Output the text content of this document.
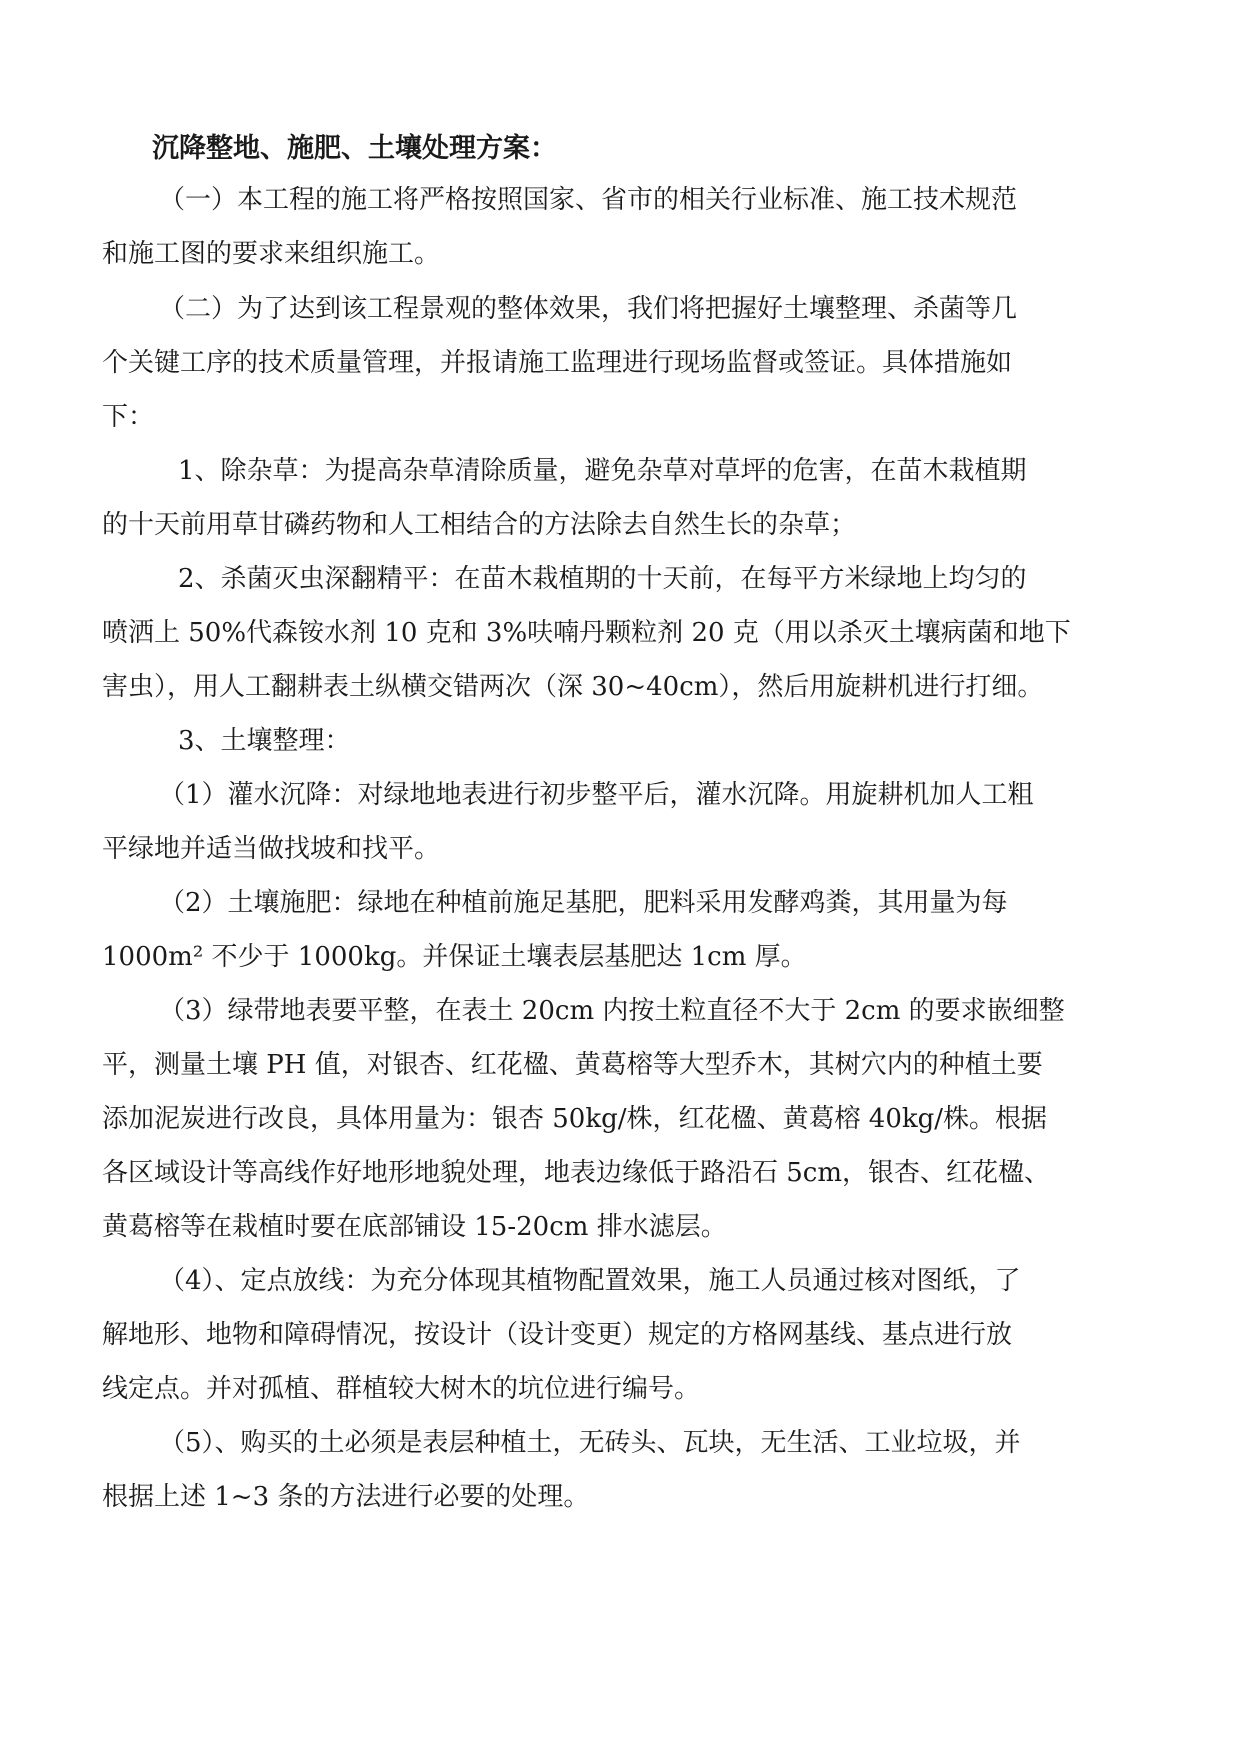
沉降整地、施肥、土壤处理方案：

（一）本工程的施工将严格按照国家、省市的相关行业标准、施工技术规范

和施工图的要求来组织施工。

（二）为了达到该工程景观的整体效果，我们将把握好土壤整理、杀菌等几

个关键工序的技术质量管理，并报请施工监理进行现场监督或签证。具体措施如

下：

1、除杂草：为提高杂草清除质量，避免杂草对草坪的危害，在苗木栽植期

的十天前用草甘磷药物和人工相结合的方法除去自然生长的杂草；

2、杀菌灭虫深翻精平：在苗木栽植期的十天前，在每平方米绿地上均匀的

喷洒上 50%代森铵水剂 10 克和 3%呋喃丹颗粒剂 20 克（用以杀灭土壤病菌和地下

害虫），用人工翻耕表土纵横交错两次（深 30~40cm），然后用旋耕机进行打细。

3、土壤整理：

（1）灌水沉降：对绿地地表进行初步整平后，灌水沉降。用旋耕机加人工粗

平绿地并适当做找坡和找平。

（2）土壤施肥：绿地在种植前施足基肥，肥料采用发酵鸡粪，其用量为每

1000m² 不少于 1000kg。并保证土壤表层基肥达 1cm 厚。

（3）绿带地表要平整，在表土 20cm 内按土粒直径不大于 2cm 的要求嵌细整

平，测量土壤 PH 值，对银杏、红花楹、黄葛榕等大型乔木，其树穴内的种植土要

添加泥炭进行改良，具体用量为：银杏 50kg/株，红花楹、黄葛榕 40kg/株。根据

各区域设计等高线作好地形地貌处理，地表边缘低于路沿石 5cm，银杏、红花楹、

黄葛榕等在栽植时要在底部铺设 15-20cm 排水滤层。

（4）、定点放线：为充分体现其植物配置效果，施工人员通过核对图纸，了

解地形、地物和障碍情况，按设计（设计变更）规定的方格网基线、基点进行放

线定点。并对孤植、群植较大树木的坑位进行编号。

（5）、购买的土必须是表层种植土，无砖头、瓦块，无生活、工业垃圾，并

根据上述 1~3 条的方法进行必要的处理。
